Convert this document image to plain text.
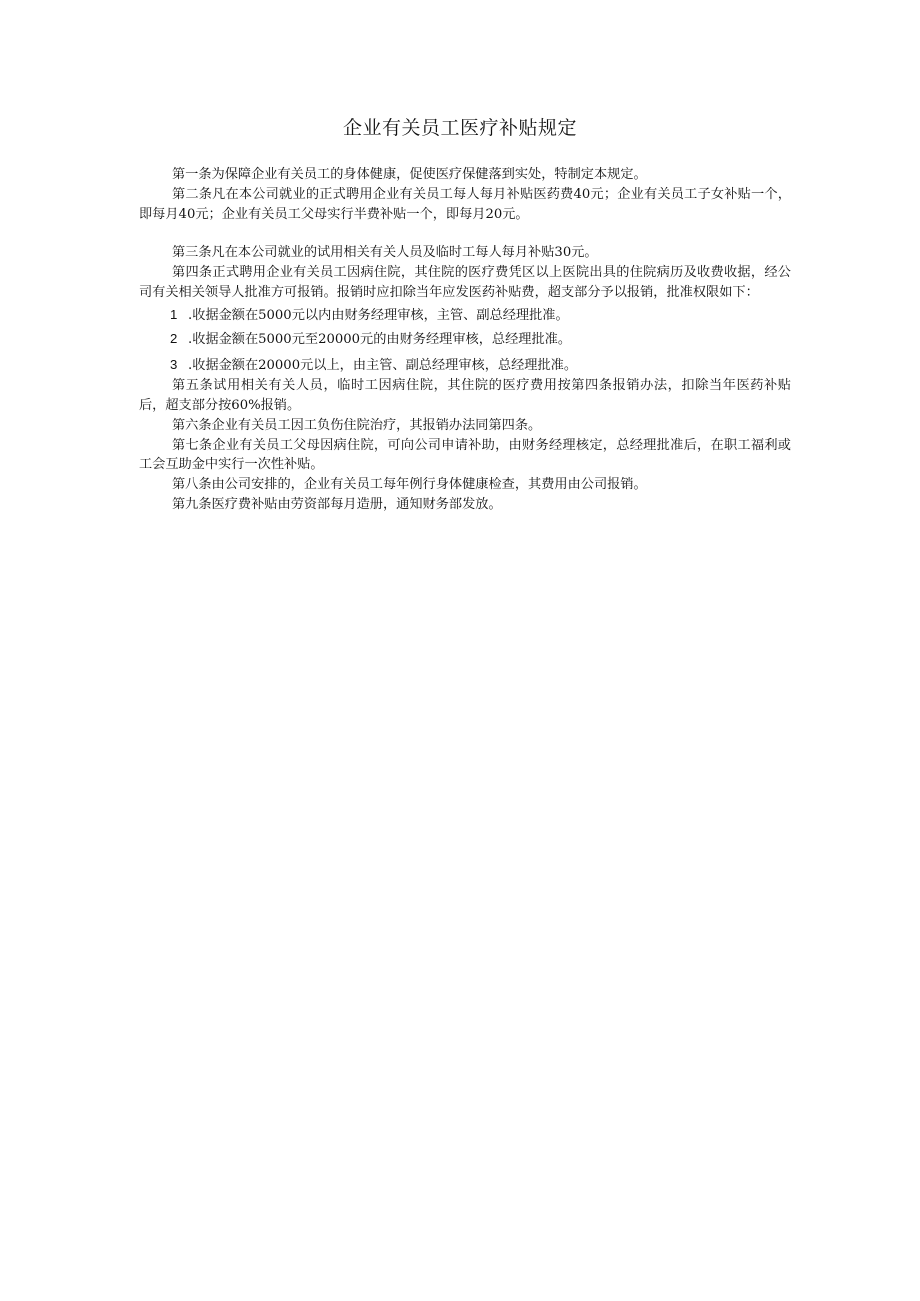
企业有关员工医疗补贴规定

第一条为保障企业有关员工的身体健康，促使医疗保健落到实处，特制定本规定。

第二条凡在本公司就业的正式聘用企业有关员工每人每月补贴医药费40元；企业有关员工子女补贴一个，即每月40元；企业有关员工父母实行半费补贴一个，即每月20元。

第三条凡在本公司就业的试用相关有关人员及临时工每人每月补贴30元。

第四条正式聘用企业有关员工因病住院，其住院的医疗费凭区以上医院出具的住院病历及收费收据，经公司有关相关领导人批准方可报销。报销时应扣除当年应发医药补贴费，超支部分予以报销，批准权限如下：

1 .收据金额在5000元以内由财务经理审核，主管、副总经理批准。
2 .收据金额在5000元至20000元的由财务经理审核，总经理批准。
3 .收据金额在20000元以上，由主管、副总经理审核，总经理批准。

第五条试用相关有关人员，临时工因病住院，其住院的医疗费用按第四条报销办法，扣除当年医药补贴后，超支部分按60%报销。

第六条企业有关员工因工负伤住院治疗，其报销办法同第四条。

第七条企业有关员工父母因病住院，可向公司申请补助，由财务经理核定，总经理批准后，在职工福利或工会互助金中实行一次性补贴。

第八条由公司安排的，企业有关员工每年例行身体健康检查，其费用由公司报销。

第九条医疗费补贴由劳资部每月造册，通知财务部发放。
